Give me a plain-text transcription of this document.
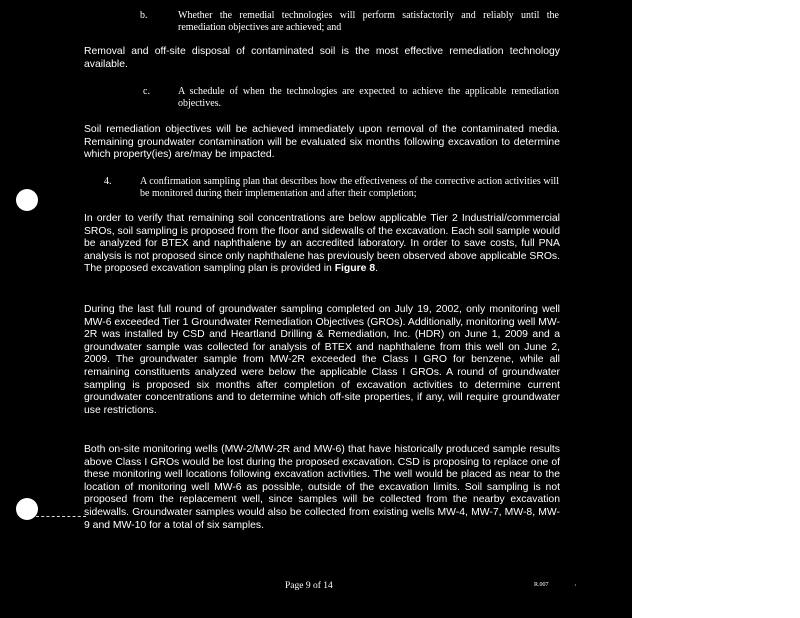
b.	Whether the remedial technologies will perform satisfactorily and reliably until the remediation objectives are achieved; and

Removal and off-site disposal of contaminated soil is the most effective remediation technology available.

c.	A schedule of when the technologies are expected to achieve the applicable remediation objectives.

Soil remediation objectives will be achieved immediately upon removal of the contaminated media. Remaining groundwater contamination will be evaluated six months following excavation to determine which property(ies) are/may be impacted.

4.	A confirmation sampling plan that describes how the effectiveness of the corrective action activities will be monitored during their implementation and after their completion;

In order to verify that remaining soil concentrations are below applicable Tier 2 Industrial/commercial SROs, soil sampling is proposed from the floor and sidewalls of the excavation. Each soil sample would be analyzed for BTEX and naphthalene by an accredited laboratory. In order to save costs, full PNA analysis is not proposed since only naphthalene has previously been observed above applicable SROs. The proposed excavation sampling plan is provided in Figure 8.

During the last full round of groundwater sampling completed on July 19, 2002, only monitoring well MW-6 exceeded Tier 1 Groundwater Remediation Objectives (GROs). Additionally, monitoring well MW-2R was installed by CSD and Heartland Drilling & Remediation, Inc. (HDR) on June 1, 2009 and a groundwater sample was collected for analysis of BTEX and naphthalene from this well on June 2, 2009. The groundwater sample from MW-2R exceeded the Class I GRO for benzene, while all remaining constituents analyzed were below the applicable Class I GROs. A round of groundwater sampling is proposed six months after completion of excavation activities to determine current groundwater concentrations and to determine which off-site properties, if any, will require groundwater use restrictions.

Both on-site monitoring wells (MW-2/MW-2R and MW-6) that have historically produced sample results above Class I GROs would be lost during the proposed excavation. CSD is proposing to replace one of these monitoring well locations following excavation activities. The well would be placed as near to the location of monitoring well MW-6 as possible, outside of the excavation limits. Soil sampling is not proposed from the replacement well, since samples will be collected from the nearby excavation sidewalls. Groundwater samples would also be collected from existing wells MW-4, MW-7, MW-8, MW-9 and MW-10 for a total of six samples.

Page 9 of 14	R.007	·
